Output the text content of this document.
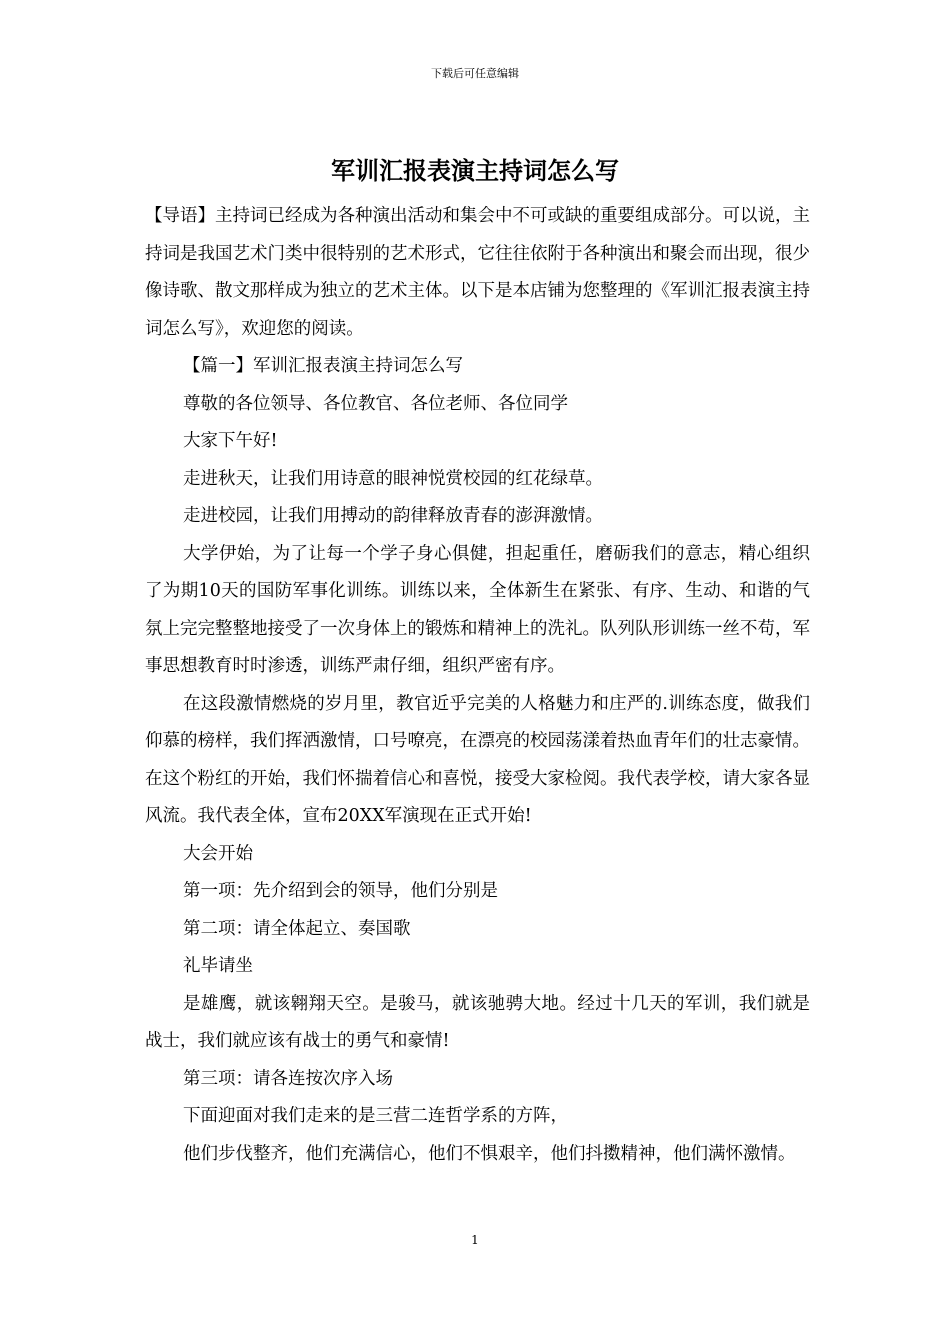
下载后可任意编辑
军训汇报表演主持词怎么写

【导语】主持词已经成为各种演出活动和集会中不可或缺的重要组成部分。可以说，主持词是我国艺术门类中很特别的艺术形式，它往往依附于各种演出和聚会而出现，很少像诗歌、散文那样成为独立的艺术主体。以下是本店铺为您整理的《军训汇报表演主持词怎么写》，欢迎您的阅读。

【篇一】军训汇报表演主持词怎么写

尊敬的各位领导、各位教官、各位老师、各位同学

大家下午好!

走进秋天，让我们用诗意的眼神悦赏校园的红花绿草。

走进校园，让我们用搏动的韵律释放青春的澎湃激情。

大学伊始，为了让每一个学子身心俱健，担起重任，磨砺我们的意志，精心组织了为期10天的国防军事化训练。训练以来，全体新生在紧张、有序、生动、和谐的气氛上完完整整地接受了一次身体上的锻炼和精神上的洗礼。队列队形训练一丝不苟，军事思想教育时时渗透，训练严肃仔细，组织严密有序。

在这段激情燃烧的岁月里，教官近乎完美的人格魅力和庄严的.训练态度，做我们仰慕的榜样，我们挥洒激情，口号嘹亮，在漂亮的校园荡漾着热血青年们的壮志豪情。在这个粉红的开始，我们怀揣着信心和喜悦，接受大家检阅。我代表学校，请大家各显风流。我代表全体，宣布20XX军演现在正式开始!

大会开始

第一项：先介绍到会的领导，他们分别是

第二项：请全体起立、奏国歌

礼毕请坐

是雄鹰，就该翱翔天空。是骏马，就该驰骋大地。经过十几天的军训，我们就是战士，我们就应该有战士的勇气和豪情!

第三项：请各连按次序入场

下面迎面对我们走来的是三营二连哲学系的方阵，

他们步伐整齐，他们充满信心，他们不惧艰辛，他们抖擞精神，他们满怀激情。

1
